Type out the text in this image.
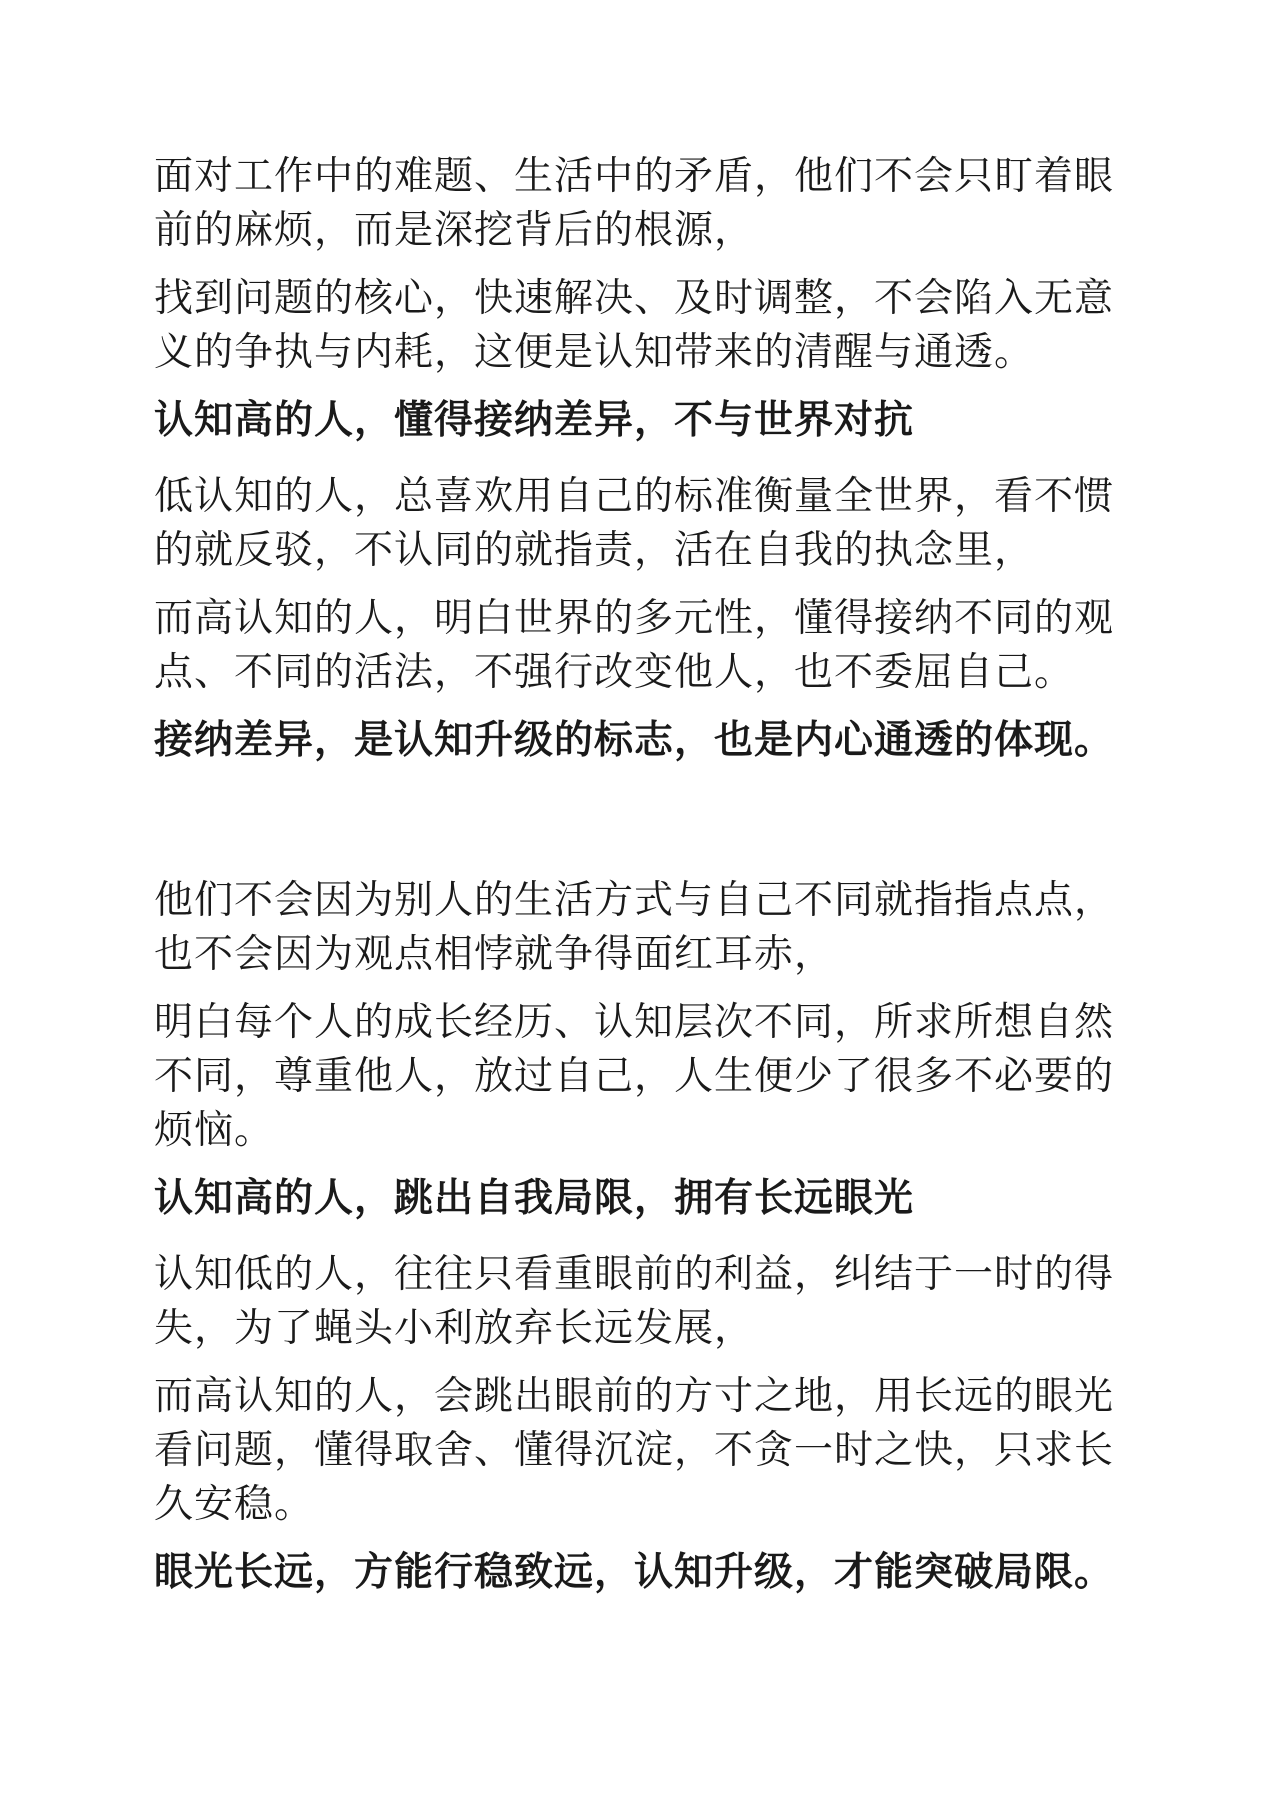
面对工作中的难题、生活中的矛盾，他们不会只盯着眼前的麻烦，而是深挖背后的根源，

找到问题的核心，快速解决、及时调整，不会陷入无意义的争执与内耗，这便是认知带来的清醒与通透。

认知高的人，懂得接纳差异，不与世界对抗

低认知的人，总喜欢用自己的标准衡量全世界，看不惯的就反驳，不认同的就指责，活在自我的执念里，

而高认知的人，明白世界的多元性，懂得接纳不同的观点、不同的活法，不强行改变他人，也不委屈自己。

接纳差异，是认知升级的标志，也是内心通透的体现。

他们不会因为别人的生活方式与自己不同就指指点点，也不会因为观点相悖就争得面红耳赤，

明白每个人的成长经历、认知层次不同，所求所想自然不同，尊重他人，放过自己，人生便少了很多不必要的烦恼。

认知高的人，跳出自我局限，拥有长远眼光

认知低的人，往往只看重眼前的利益，纠结于一时的得失，为了蝇头小利放弃长远发展，

而高认知的人，会跳出眼前的方寸之地，用长远的眼光看问题，懂得取舍、懂得沉淀，不贪一时之快，只求长久安稳。

眼光长远，方能行稳致远，认知升级，才能突破局限。
